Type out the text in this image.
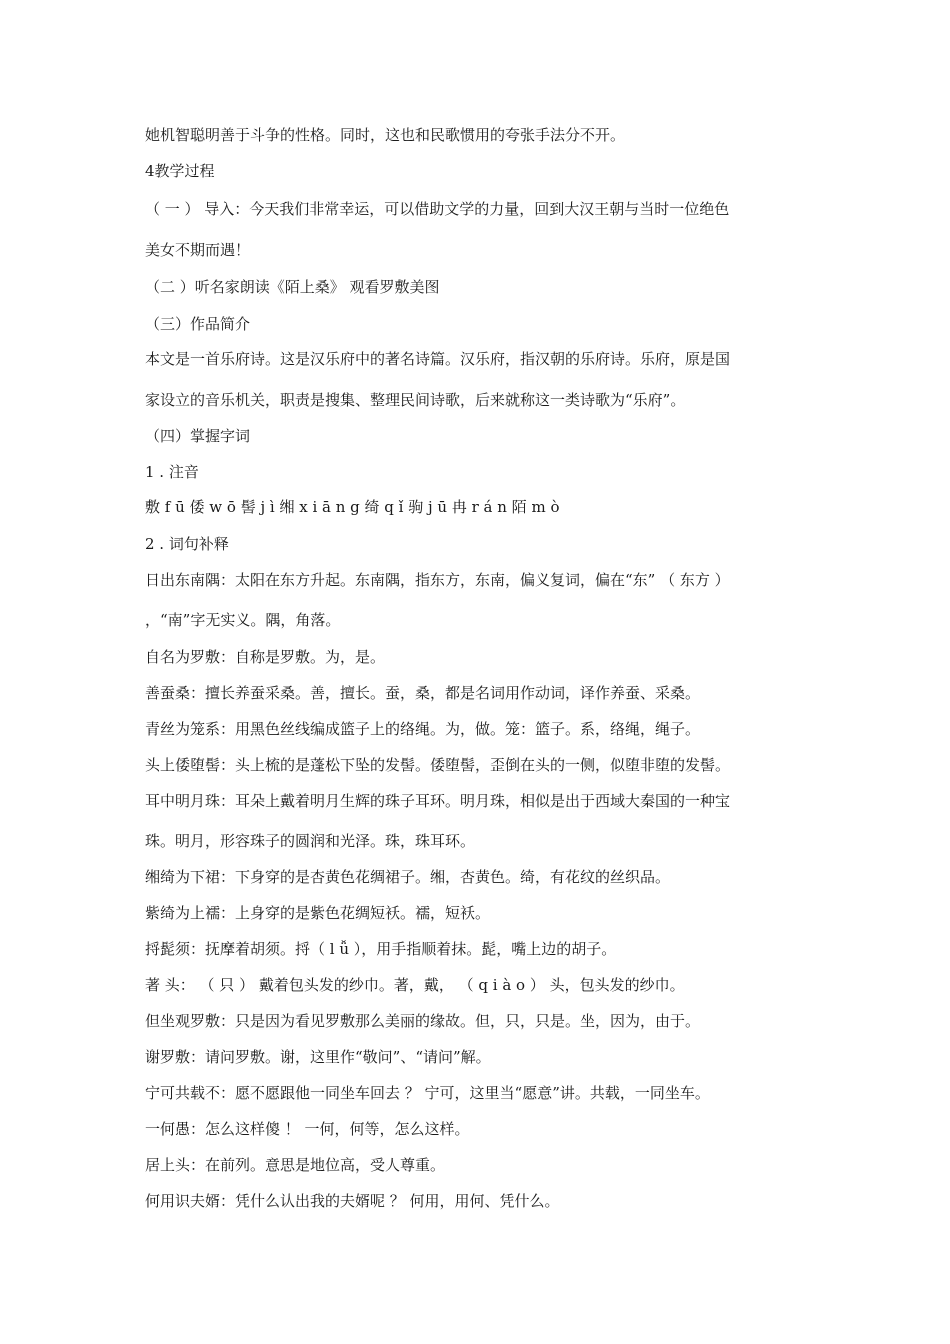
她机智聪明善于斗争的性格。同时，这也和民歌惯用的夸张手法分不开。
4教学过程
（ 一 ） 导入：今天我们非常幸运，可以借助文学的力量，回到大汉王朝与当时一位绝色
美女不期而遇！
（二 ）听名家朗读《陌上桑》 观看罗敷美图
（三）作品简介
本文是一首乐府诗。这是汉乐府中的著名诗篇。汉乐府，指汉朝的乐府诗。乐府，原是国
家设立的音乐机关，职责是搜集、整理民间诗歌，后来就称这一类诗歌为“乐府”。
（四）掌握字词
1 . 注音
敷 f ū 倭 w ō 髻 j ì 缃 x i ā n g 绮 q ǐ 驹 j ū 冉 r á n 陌 m ò
2 . 词句补释
日出东南隅：太阳在东方升起。东南隅，指东方，东南，偏义复词，偏在“东” （ 东方 ）
，“南”字无实义。隅，角落。
自名为罗敷：自称是罗敷。为，是。
善蚕桑：擅长养蚕采桑。善，擅长。蚕，桑，都是名词用作动词，译作养蚕、采桑。
青丝为笼系：用黑色丝线编成篮子上的络绳。为，做。笼：篮子。系，络绳，绳子。
头上倭堕髻：头上梳的是蓬松下坠的发髻。倭堕髻，歪倒在头的一侧，似堕非堕的发髻。
耳中明月珠：耳朵上戴着明月生辉的珠子耳环。明月珠，相似是出于西域大秦国的一种宝
珠。明月，形容珠子的圆润和光泽。珠，珠耳环。
缃绮为下裙：下身穿的是杏黄色花绸裙子。缃，杏黄色。绮，有花纹的丝织品。
紫绮为上襦：上身穿的是紫色花绸短袄。襦，短袄。
捋髭须：抚摩着胡须。捋（ l ǚ ），用手指顺着抹。髭，嘴上边的胡子。
著 头： （ 只 ） 戴着包头发的纱巾。著，戴， （ q i à o ） 头，包头发的纱巾。
但坐观罗敷：只是因为看见罗敷那么美丽的缘故。但，只，只是。坐，因为，由于。
谢罗敷：请问罗敷。谢，这里作“敬问”、“请问”解。
宁可共载不：愿不愿跟他一同坐车回去 ？ 宁可，这里当“愿意”讲。共载，一同坐车。
一何愚：怎么这样傻 ！ 一何，何等，怎么这样。
居上头：在前列。意思是地位高，受人尊重。
何用识夫婿：凭什么认出我的夫婿呢 ？ 何用，用何、凭什么。
